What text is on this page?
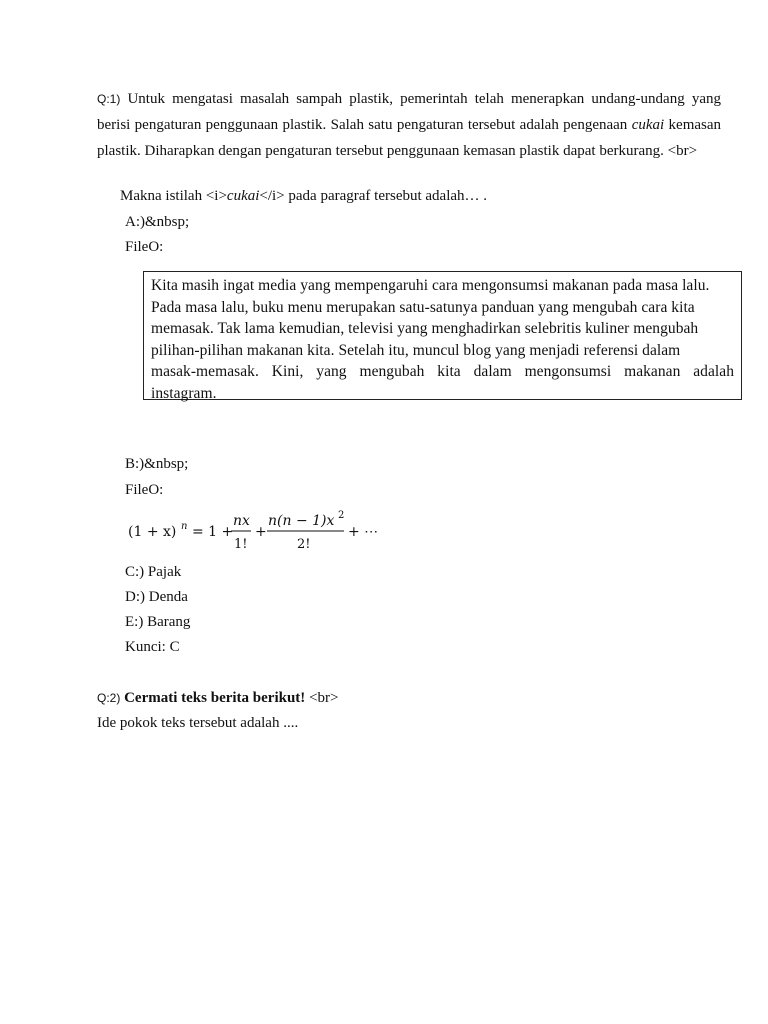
Q:1) Untuk mengatasi masalah sampah plastik, pemerintah telah menerapkan undang-undang yang berisi pengaturan penggunaan plastik. Salah satu pengaturan tersebut adalah pengenaan cukai kemasan plastik. Diharapkan dengan pengaturan tersebut penggunaan kemasan plastik dapat berkurang. <br>
Makna istilah <i>cukai</i> pada paragraf tersebut adalah… .
A:)&nbsp;
FileO:
Kita masih ingat media yang mempengaruhi cara mengonsumsi makanan pada masa lalu.
Pada masa lalu, buku menu merupakan satu-satunya panduan yang mengubah cara kita
memasak. Tak lama kemudian, televisi yang menghadirkan selebritis kuliner mengubah
pilihan-pilihan makanan kita. Setelah itu, muncul blog yang menjadi referensi dalam
masak-memasak. Kini, yang mengubah kita dalam mengonsumsi makanan adalah
instagram.
B:)&nbsp;
FileO:
(1 + x) n = 1 +
nx
1!
+
n(n − 1)x 2
2!
+ ⋯
C:) Pajak
D:) Denda
E:) Barang
Kunci: C
Q:2) Cermati teks berita berikut! <br>
Ide pokok teks tersebut adalah ....
